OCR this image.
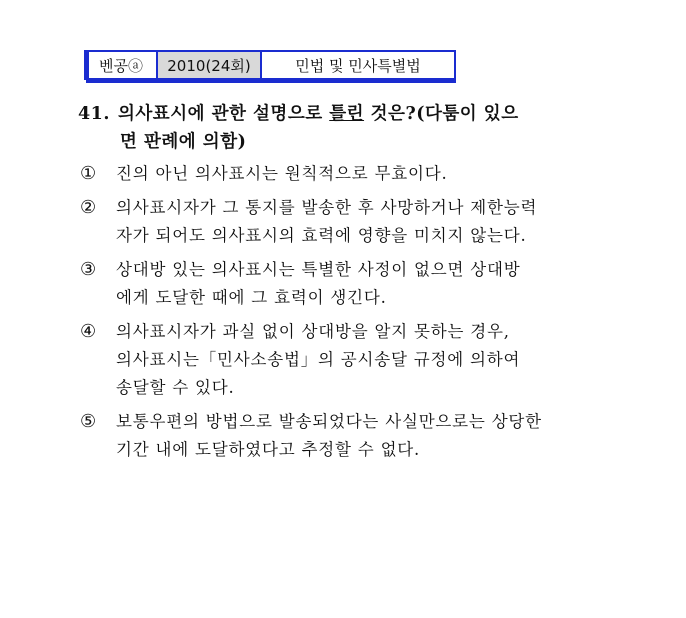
벤공ⓐ	2010(24회)	민법 및 민사특별법
41. 의사표시에 관한 설명으로 틀린 것은?(다툼이 있으
면 판례에 의함)
①	진의 아닌 의사표시는 원칙적으로 무효이다.
②	의사표시자가 그 통지를 발송한 후 사망하거나 제한능력
자가 되어도 의사표시의 효력에 영향을 미치지 않는다.
③	상대방 있는 의사표시는 특별한 사정이 없으면 상대방
에게 도달한 때에 그 효력이 생긴다.
④	의사표시자가 과실 없이 상대방을 알지 못하는 경우,
의사표시는「민사소송법」의 공시송달 규정에 의하여
송달할 수 있다.
⑤	보통우편의 방법으로 발송되었다는 사실만으로는 상당한
기간 내에 도달하였다고 추정할 수 없다.
